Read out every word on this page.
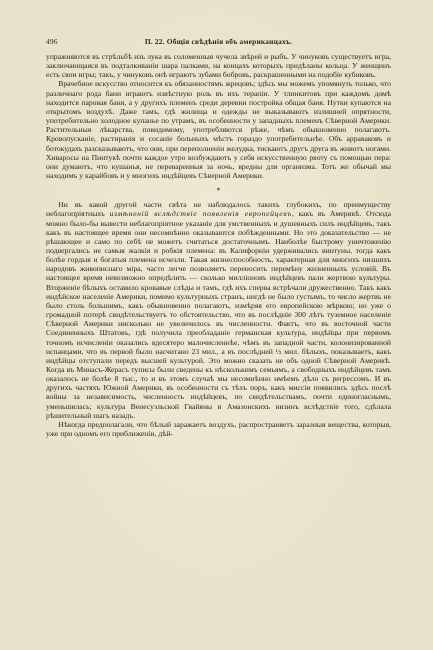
496	П. 22. Общія свѣдѣнія объ американцахъ.

упражняются въ стрѣльбѣ изъ лука въ соломенныя чучела звѣрей и рыбъ. У чинуковъ существуетъ игра, заключающаяся въ подталкиваніи шара палками, на концахъ которыхъ придѣланы кольца. У женщинъ есть свои игры; такъ, у чинуковъ онѣ играютъ зубами бобровъ, раскрашенными на подобіе кубиковъ.

Врачебное искусство относится къ обязанностямъ жрецовъ; здѣсь мы можемъ упомянуть только, что различнаго рода бани играютъ извѣстную роль въ ихъ терапіи. У тлинкитовъ при каждомъ домѣ находится паровая баня, а у другихъ племенъ среди деревни постройка общая баня. Нутки купаются на открытомъ воздухѣ. Даже тамъ, гдѣ жилища и одежды не выказываютъ излишней опрятности, употребительно холодное купанье по утрамъ, въ особенности у западныхъ племенъ Сѣверной Америки. Растительныя лѣкарства, повидимому, употребляются рѣже, чѣмъ обыкновенно полагаютъ. Кровопусканіе, растиранія и сосаніе больныхъ мѣстъ гораздо употребительнѣе. Объ арраваковъ и ботокудахъ разсказываютъ, что они, при переполненіи желудка, тискаютъ другъ друга въ животъ ногами. Хиваросы на Пинтукѣ почти каждое утро возбуждаютъ у себя искусственную рвоту съ помощью пера: они думаютъ, что кушанья, не переваренныя за ночь, вредны для организма. Тотъ же обычай мы находимъ у карайбовъ и у многихъ индѣйцевъ Сѣверной Америки.

*

Ни въ какой другой части свѣта не наблюдалось такихъ глубокихъ, по преимуществу неблагопріятныхъ измѣненій вслѣдствіе появленія европейцевъ, какъ въ Америкѣ. Отсюда можно было-бы вывести неблагопріятное указаніе для умственныхъ и душевныхъ силъ индѣйцевъ, такъ какъ въ настоящее время они несомнѣнно оказываются побѣжденными. Но это доказательство — не рѣшающее и само по себѣ не можетъ считаться достаточнымъ. Наиболѣе быстрому уничтоженію подвергались не самыя жалкія и робкія племена: въ Калифорніи удерживались винтуны, тогда какъ болѣе гордыя и богатыя племена исчезли. Такая жизнеспособность, характерная для многихъ низшихъ народовъ живописнаго міра, часто легче позволяетъ переносить перемѣну жизненныхъ условій. Въ настоящее время невозможно опредѣлить — сколько милліоновъ индѣйцевъ пали жертвою культуры. Вторженіе бѣлыхъ оставило кровавые слѣды и тамъ, гдѣ ихъ сперва встрѣчали дружественно. Такъ какъ индѣйское населеніе Америки, помимо культурныхъ странъ, нигдѣ не было густымъ, то число жертвъ не было столь большимъ, какъ обыкновенно полагаютъ, измѣряя его европейскою мѣркою; но уже о громадной потерѣ свидѣтельствуетъ то обстоятельство, что въ послѣдніе 300 лѣтъ туземное населеніе Сѣверной Америки нисколько не увеличилось въ численности. Фактъ, что въ восточной части Соединенныхъ Штатовъ, гдѣ получила преобладаніе германская культура, индѣйцы при первомъ точномъ исчисленіи оказались вдесятеро малочисленнѣе, чѣмъ въ западной части, колонизированной испанцами, что въ первой было насчитано 23 мил., а въ послѣдней ½ мил. бѣлыхъ, показываетъ, какъ индѣйцы отступали передъ высшей культурой. Это можно сказать не объ одной Сѣверной Америкѣ. Когда въ Минасъ-Жерасъ туписы были сведены къ нѣсколькимъ семьямъ, а свободныхъ индѣйцевъ тамъ оказалось не болѣе 8 тыс., то и въ этомъ случаѣ мы несомнѣнно имѣемъ дѣло съ регрессомъ. И въ другихъ частяхъ Южной Америки, въ особенности съ тѣхъ поръ, какъ миссіи появились здѣсь послѣ войны за независимость, численность индѣйцевъ, по свидѣтельствамъ, почти единогласнымъ, уменьшилась; культура Венесуэльской Гвайяны и Амазонскихъ низинъ вслѣдствіе того, сдѣлала рѣшительный шагъ назадъ.

Нѣкогда предполагали, что бѣлый заражаетъ воздухъ, распространяетъ заразныя вещества, которыя, уже при одномъ его приближеніи, дѣй-
